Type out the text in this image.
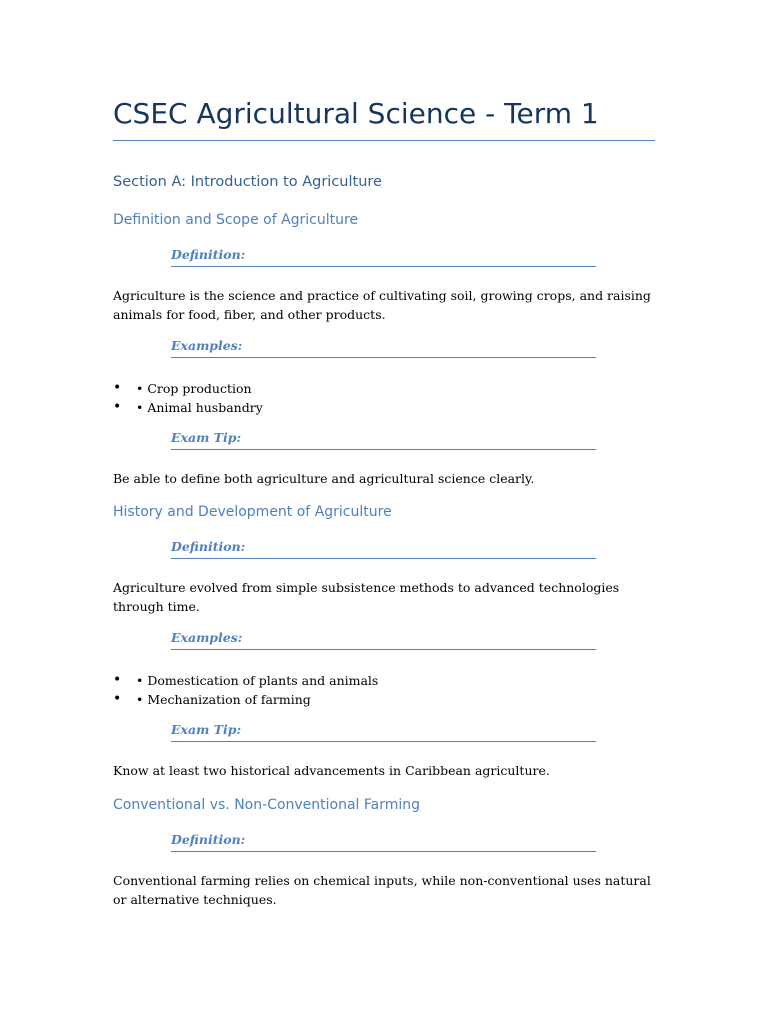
CSEC Agricultural Science - Term 1
Section A: Introduction to Agriculture
Definition and Scope of Agriculture
Definition:

Agriculture is the science and practice of cultivating soil, growing crops, and raising animals for food, fiber, and other products.

Examples:
• • Crop production
• • Animal husbandry
Exam Tip:

Be able to define both agriculture and agricultural science clearly.

History and Development of Agriculture
Definition:

Agriculture evolved from simple subsistence methods to advanced technologies through time.

Examples:
• • Domestication of plants and animals
• • Mechanization of farming
Exam Tip:

Know at least two historical advancements in Caribbean agriculture.

Conventional vs. Non-Conventional Farming
Definition:

Conventional farming relies on chemical inputs, while non-conventional uses natural or alternative techniques.
